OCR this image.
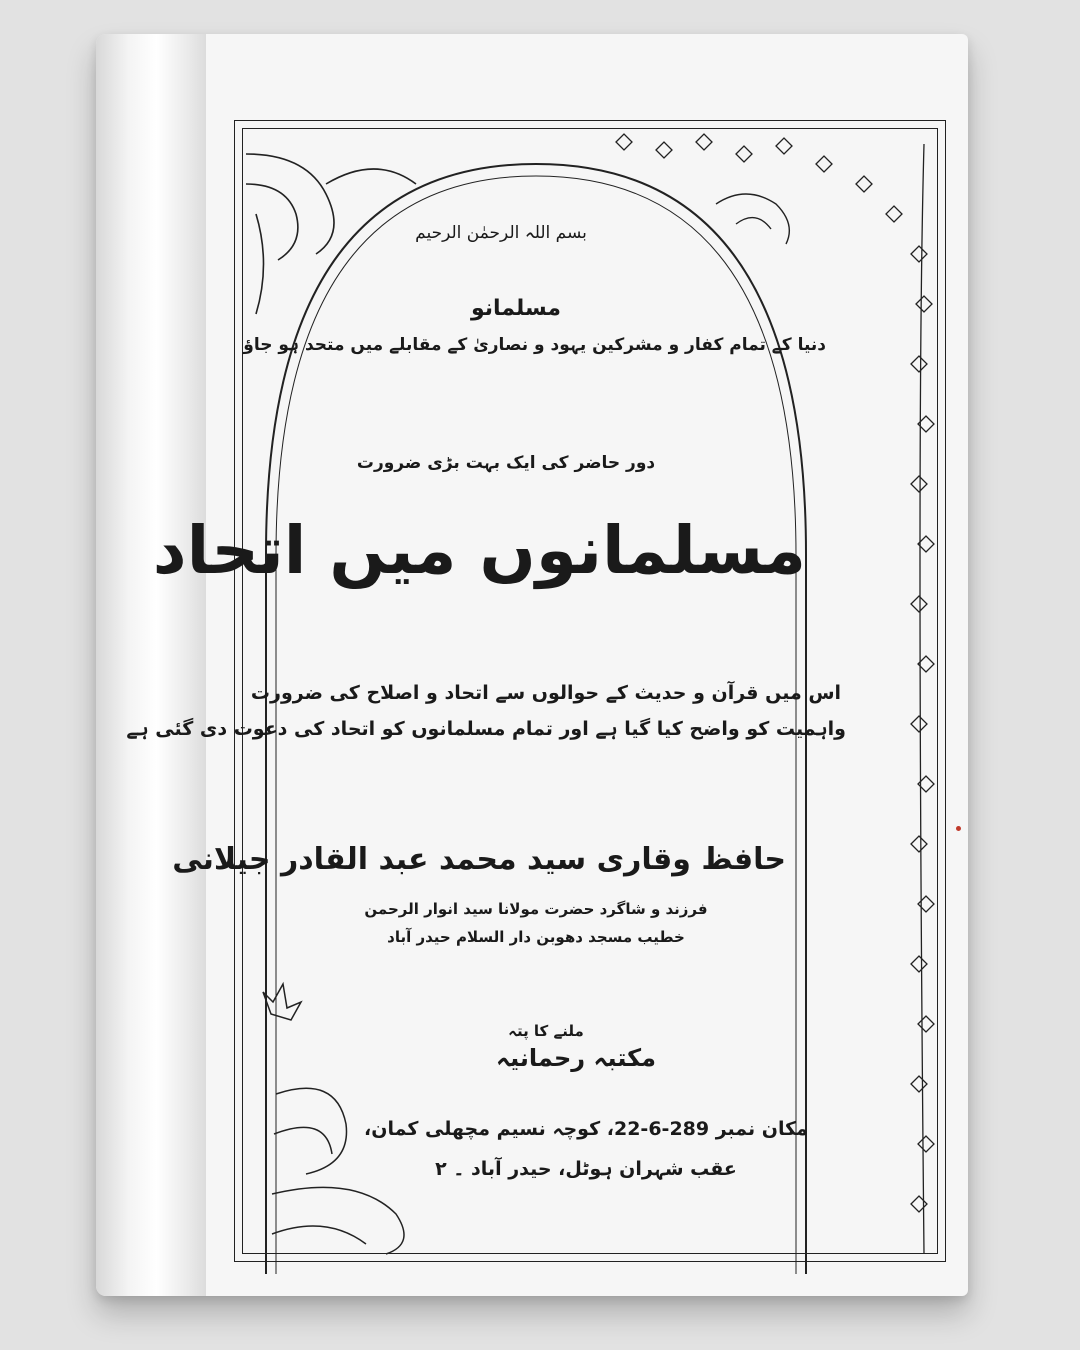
بسم اللہ الرحمٰن الرحیم
مسلمانو
دنیا کے تمام کفار و مشرکین یہود و نصاریٰ کے مقابلے میں متحد ہو جاؤ
دور حاضر کی ایک بہت بڑی ضرورت
مسلمانوں میں اتحاد
اس میں قرآن و حدیث کے حوالوں سے اتحاد و اصلاح کی ضرورت
واہمیت کو واضح کیا گیا ہے اور تمام مسلمانوں کو اتحاد کی دعوت دی گئی ہے
حافظ وقاری سید محمد عبد القادر جیلانی
فرزند و شاگرد حضرت مولانا سید انوار الرحمن
خطیب مسجد دھوبن دار السلام حیدر آباد
ملنے کا پتہ
مکتبہ رحمانیہ
مکان نمبر 289-6-22، کوچہ نسیم مچھلی کمان،
عقب شہران ہوٹل، حیدر آباد ۔ ۲
